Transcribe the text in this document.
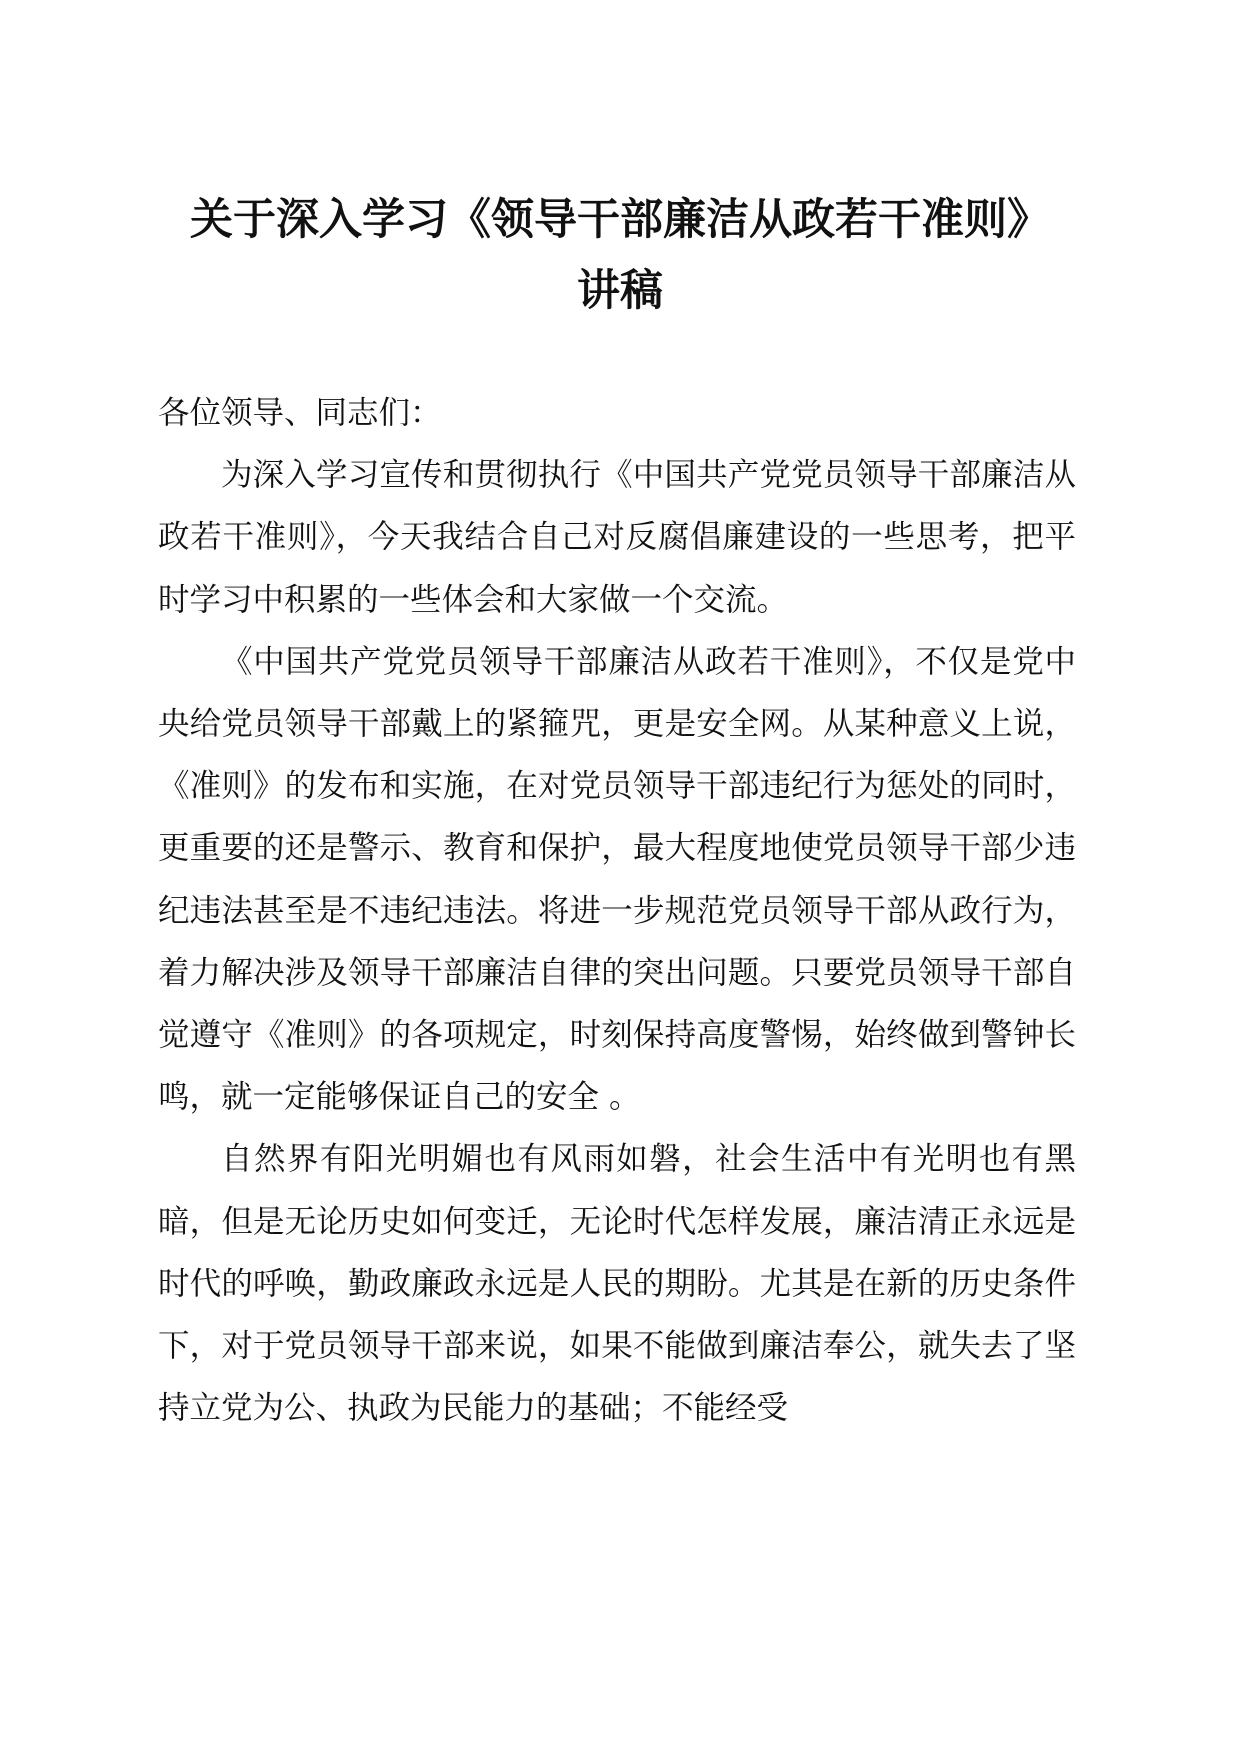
关于深入学习《领导干部廉洁从政若干准则》
讲稿

各位领导、同志们：

为深入学习宣传和贯彻执行《中国共产党党员领导干部廉洁从政若干准则》，今天我结合自己对反腐倡廉建设的一些思考，把平时学习中积累的一些体会和大家做一个交流。

《中国共产党党员领导干部廉洁从政若干准则》，不仅是党中央给党员领导干部戴上的紧箍咒，更是安全网。从某种意义上说，《准则》的发布和实施，在对党员领导干部违纪行为惩处的同时，更重要的还是警示、教育和保护，最大程度地使党员领导干部少违纪违法甚至是不违纪违法。将进一步规范党员领导干部从政行为，着力解决涉及领导干部廉洁自律的突出问题。只要党员领导干部自觉遵守《准则》的各项规定，时刻保持高度警惕，始终做到警钟长鸣，就一定能够保证自己的安全 。

自然界有阳光明媚也有风雨如磐，社会生活中有光明也有黑暗，但是无论历史如何变迁，无论时代怎样发展，廉洁清正永远是时代的呼唤，勤政廉政永远是人民的期盼。尤其是在新的历史条件下，对于党员领导干部来说，如果不能做到廉洁奉公，就失去了坚持立党为公、执政为民能力的基础；不能经受
